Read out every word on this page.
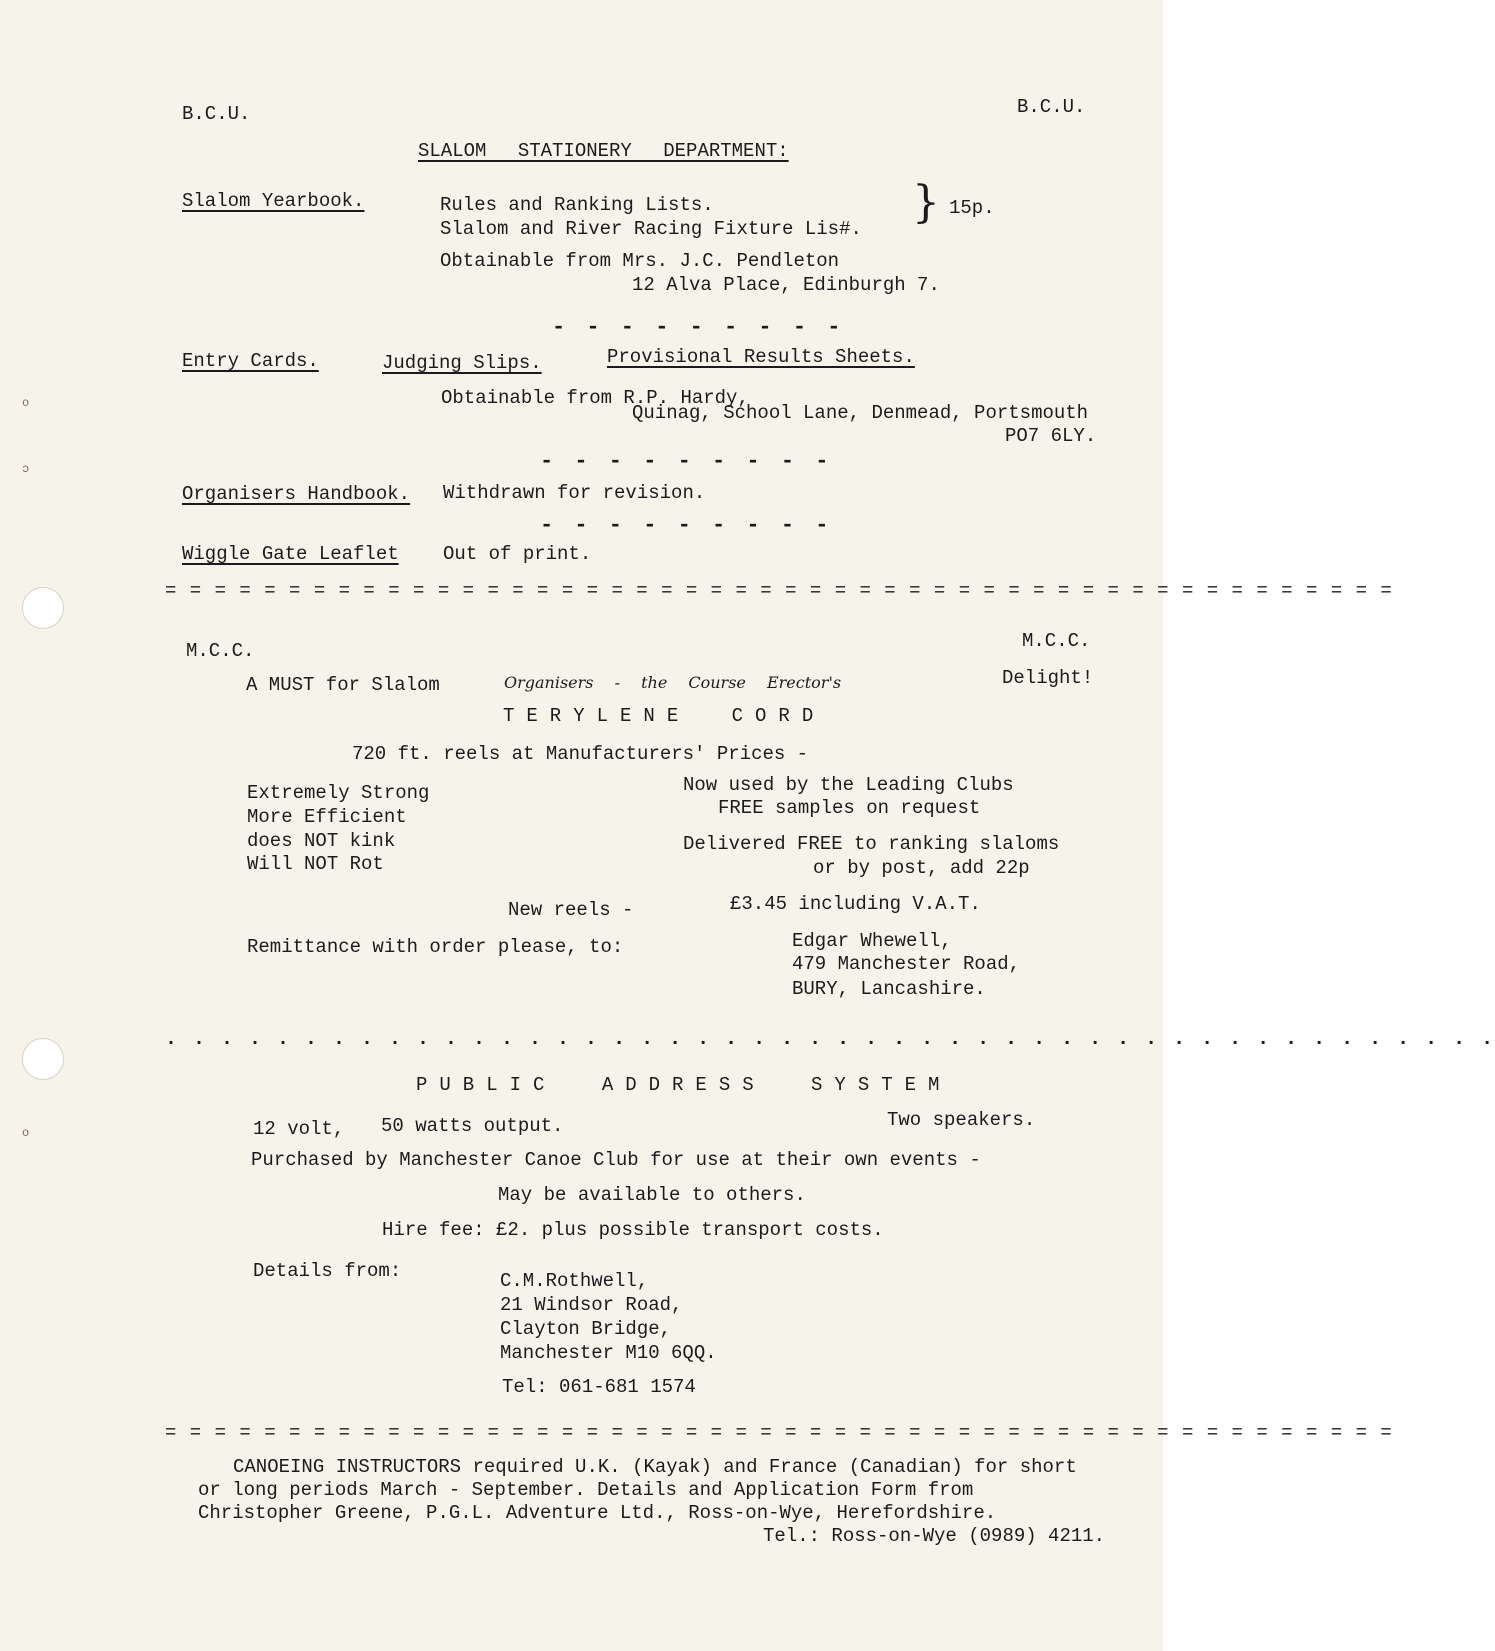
o
ɔ
o
B.C.U.	B.C.U.
SLALOM STATIONERY DEPARTMENT:
Slalom Yearbook.	Rules and Ranking Lists.
Slalom and River Racing Fixture Lis#.
} 15p.
Obtainable from Mrs. J.C. Pendleton
12 Alva Place, Edinburgh 7.
- - - - - - - - -
Entry Cards.	Judging Slips.	Provisional Results Sheets.
Obtainable from R.P. Hardy,
Quinag, School Lane, Denmead, Portsmouth
PO7 6LY.
- - - - - - - - -
Organisers Handbook. Withdrawn for revision.
- - - - - - - - -
Wiggle Gate Leaflet Out of print.
= = = = = = = = = = = = = = = = = = = = = = = = = = = = = = = = = = = = = = = = = = = = = = = = = =
M.C.C.	M.C.C.
A MUST for Slalom	Organisers - the Course Erector's	Delight!
TERYLENE CORD
720 ft. reels at Manufacturers' Prices -
Extremely Strong
More Efficient
does NOT kink
Will NOT Rot
Now used by the Leading Clubs
FREE samples on request
Delivered FREE to ranking slaloms
or by post, add 22p
New reels -	£3.45 including V.A.T.
Remittance with order please, to:	Edgar Whewell,
479 Manchester Road,
BURY, Lancashire.
. . . . . . . . . . . . . . . . . . . . . . . . . . . . . . . . . . . . . . . . . . . . . . . .
PUBLIC ADDRESS SYSTEM
12 volt, 50 watts output.	Two speakers.
Purchased by Manchester Canoe Club for use at their own events -
May be available to others.
Hire fee: £2. plus possible transport costs.
Details from:	C.M.Rothwell,
21 Windsor Road,
Clayton Bridge,
Manchester M10 6QQ.
Tel: 061-681 1574
= = = = = = = = = = = = = = = = = = = = = = = = = = = = = = = = = = = = = = = = = = = = = = = = = =
CANOEING INSTRUCTORS required U.K. (Kayak) and France (Canadian) for short
or long periods March - September. Details and Application Form from
Christopher Greene, P.G.L. Adventure Ltd., Ross-on-Wye, Herefordshire.
Tel.: Ross-on-Wye (0989) 4211.
